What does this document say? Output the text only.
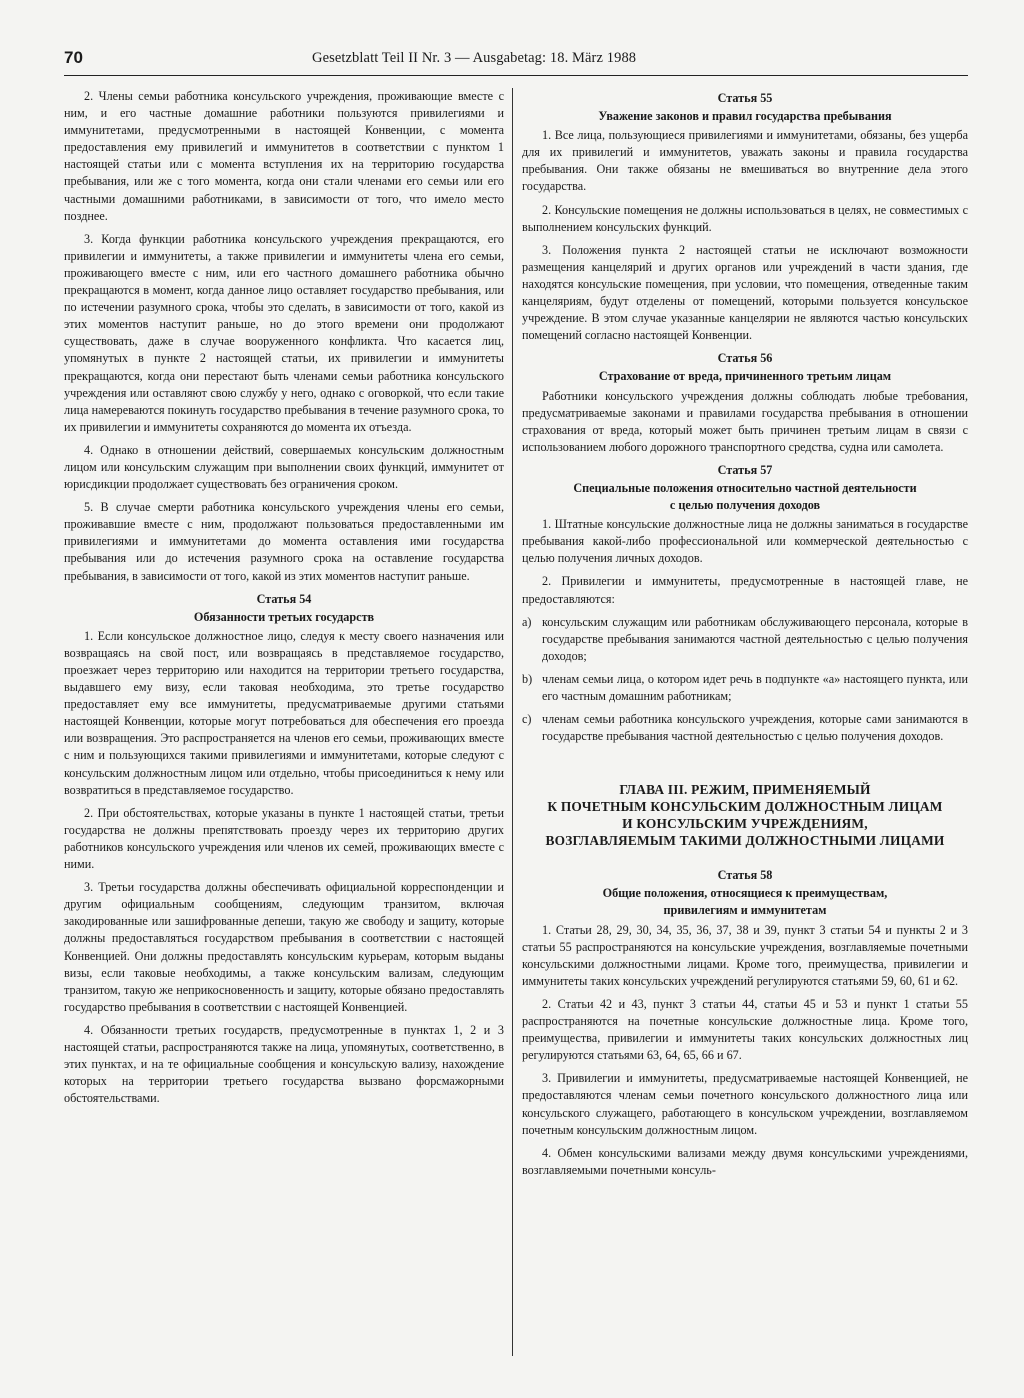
70	Gesetzblatt Teil II Nr. 3 — Ausgabetag: 18. März 1988

2. Члены семьи работника консульского учреждения, проживающие вместе с ним, и его частные домашние работники пользуются привилегиями и иммунитетами, предусмотренными в настоящей Конвенции, с момента предоставления ему привилегий и иммунитетов в соответствии с пунктом 1 настоящей статьи или с момента вступления их на территорию государства пребывания, или же с того момента, когда они стали членами его семьи или его частными домашними работниками, в зависимости от того, что имело место позднее.

3. Когда функции работника консульского учреждения прекращаются, его привилегии и иммунитеты, а также привилегии и иммунитеты члена его семьи, проживающего вместе с ним, или его частного домашнего работника обычно прекращаются в момент, когда данное лицо оставляет государство пребывания, или по истечении разумного срока, чтобы это сделать, в зависимости от того, какой из этих моментов наступит раньше, но до этого времени они продолжают существовать, даже в случае вооруженного конфликта. Что касается лиц, упомянутых в пункте 2 настоящей статьи, их привилегии и иммунитеты прекращаются, когда они перестают быть членами семьи работника консульского учреждения или оставляют свою службу у него, однако с оговоркой, что если такие лица намереваются покинуть государство пребывания в течение разумного срока, то их привилегии и иммунитеты сохраняются до момента их отъезда.

4. Однако в отношении действий, совершаемых консульским должностным лицом или консульским служащим при выполнении своих функций, иммунитет от юрисдикции продолжает существовать без ограничения сроком.

5. В случае смерти работника консульского учреждения члены его семьи, проживавшие вместе с ним, продолжают пользоваться предоставленными им привилегиями и иммунитетами до момента оставления ими государства пребывания или до истечения разумного срока на оставление государства пребывания, в зависимости от того, какой из этих моментов наступит раньше.

Статья 54
Обязанности третьих государств

1. Если консульское должностное лицо, следуя к месту своего назначения или возвращаясь на свой пост, или возвращаясь в представляемое государство, проезжает через территорию или находится на территории третьего государства, выдавшего ему визу, если таковая необходима, это третье государство предоставляет ему все иммунитеты, предусматриваемые другими статьями настоящей Конвенции, которые могут потребоваться для обеспечения его проезда или возвращения. Это распространяется на членов его семьи, проживающих вместе с ним и пользующихся такими привилегиями и иммунитетами, которые следуют с консульским должностным лицом или отдельно, чтобы присоединиться к нему или возвратиться в представляемое государство.

2. При обстоятельствах, которые указаны в пункте 1 настоящей статьи, третьи государства не должны препятствовать проезду через их территорию других работников консульского учреждения или членов их семей, проживающих вместе с ними.

3. Третьи государства должны обеспечивать официальной корреспонденции и другим официальным сообщениям, следующим транзитом, включая закодированные или зашифрованные депеши, такую же свободу и защиту, которые должны предоставляться государством пребывания в соответствии с настоящей Конвенцией. Они должны предоставлять консульским курьерам, которым выданы визы, если таковые необходимы, а также консульским вализам, следующим транзитом, такую же неприкосновенность и защиту, которые обязано предоставлять государство пребывания в соответствии с настоящей Конвенцией.

4. Обязанности третьих государств, предусмотренные в пунктах 1, 2 и 3 настоящей статьи, распространяются также на лица, упомянутых, соответственно, в этих пунктах, и на те официальные сообщения и консульскую вализу, нахождение которых на территории третьего государства вызвано форсмажорными обстоятельствами.

Статья 55
Уважение законов и правил государства пребывания

1. Все лица, пользующиеся привилегиями и иммунитетами, обязаны, без ущерба для их привилегий и иммунитетов, уважать законы и правила государства пребывания. Они также обязаны не вмешиваться во внутренние дела этого государства.

2. Консульские помещения не должны использоваться в целях, не совместимых с выполнением консульских функций.

3. Положения пункта 2 настоящей статьи не исключают возможности размещения канцелярий и других органов или учреждений в части здания, где находятся консульские помещения, при условии, что помещения, отведенные таким канцеляриям, будут отделены от помещений, которыми пользуется консульское учреждение. В этом случае указанные канцелярии не являются частью консульских помещений согласно настоящей Конвенции.

Статья 56
Страхование от вреда, причиненного третьим лицам

Работники консульского учреждения должны соблюдать любые требования, предусматриваемые законами и правилами государства пребывания в отношении страхования от вреда, который может быть причинен третьим лицам в связи с использованием любого дорожного транспортного средства, судна или самолета.

Статья 57
Специальные положения относительно частной деятельности
с целью получения доходов

1. Штатные консульские должностные лица не должны заниматься в государстве пребывания какой-либо профессиональной или коммерческой деятельностью с целью получения личных доходов.

2. Привилегии и иммунитеты, предусмотренные в настоящей главе, не предоставляются:

a) консульским служащим или работникам обслуживающего персонала, которые в государстве пребывания занимаются частной деятельностью с целью получения доходов;
b) членам семьи лица, о котором идет речь в подпункте «а» настоящего пункта, или его частным домашним работникам;
c) членам семьи работника консульского учреждения, которые сами занимаются в государстве пребывания частной деятельностью с целью получения доходов.
ГЛАВА III. РЕЖИМ, ПРИМЕНЯЕМЫЙ
К ПОЧЕТНЫМ КОНСУЛЬСКИМ ДОЛЖНОСТНЫМ ЛИЦАМ
И КОНСУЛЬСКИМ УЧРЕЖДЕНИЯМ,
ВОЗГЛАВЛЯЕМЫМ ТАКИМИ ДОЛЖНОСТНЫМИ ЛИЦАМИ
Статья 58
Общие положения, относящиеся к преимуществам,
привилегиям и иммунитетам

1. Статьи 28, 29, 30, 34, 35, 36, 37, 38 и 39, пункт 3 статьи 54 и пункты 2 и 3 статьи 55 распространяются на консульские учреждения, возглавляемые почетными консульскими должностными лицами. Кроме того, преимущества, привилегии и иммунитеты таких консульских учреждений регулируются статьями 59, 60, 61 и 62.

2. Статьи 42 и 43, пункт 3 статьи 44, статьи 45 и 53 и пункт 1 статьи 55 распространяются на почетные консульские должностные лица. Кроме того, преимущества, привилегии и иммунитеты таких консульских должностных лиц регулируются статьями 63, 64, 65, 66 и 67.

3. Привилегии и иммунитеты, предусматриваемые настоящей Конвенцией, не предоставляются членам семьи почетного консульского должностного лица или консульского служащего, работающего в консульском учреждении, возглавляемом почетным консульским должностным лицом.

4. Обмен консульскими вализами между двумя консульскими учреждениями, возглавляемыми почетными консуль-
